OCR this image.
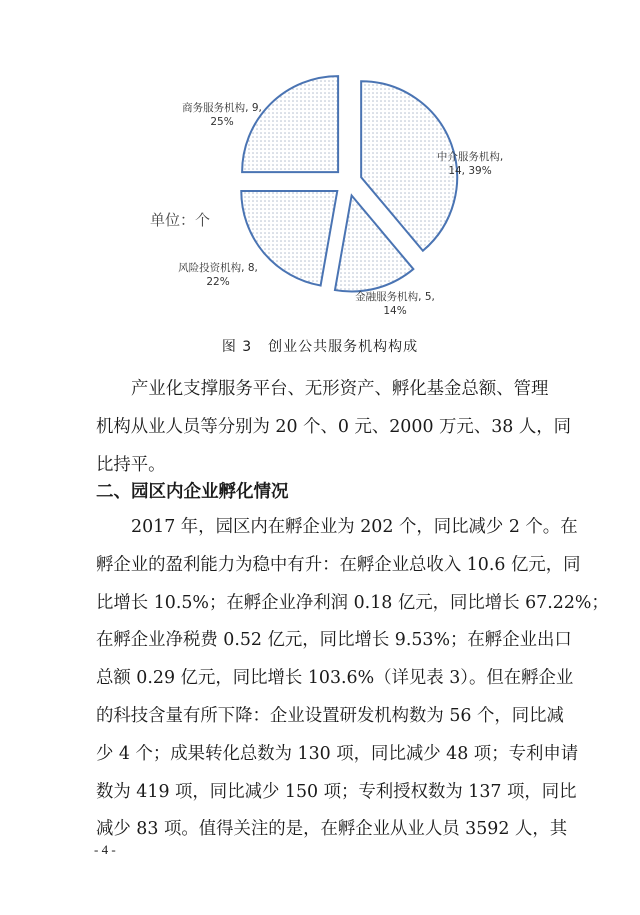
单位：个
中介服务机构, 14, 39%
金融服务机构, 5, 14%
风险投资机构, 8, 22%
商务服务机构, 9, 25%
图 3 创业公共服务机构构成

产业化支撑服务平台、无形资产、孵化基金总额、管理
机构从业人员等分别为 20 个、0 元、2000 万元、38 人，同
比持平。

二、园区内企业孵化情况

2017 年，园区内在孵企业为 202 个，同比减少 2 个。在
孵企业的盈利能力为稳中有升：在孵企业总收入 10.6 亿元，同
比增长 10.5%；在孵企业净利润 0.18 亿元，同比增长 67.22%；
在孵企业净税费 0.52 亿元，同比增长 9.53%；在孵企业出口
总额 0.29 亿元，同比增长 103.6%（详见表 3）。但在孵企业
的科技含量有所下降：企业设置研发机构数为 56 个，同比减
少 4 个；成果转化总数为 130 项，同比减少 48 项；专利申请
数为 419 项，同比减少 150 项；专利授权数为 137 项，同比
减少 83 项。值得关注的是，在孵企业从业人员 3592 人，其

- 4 -
